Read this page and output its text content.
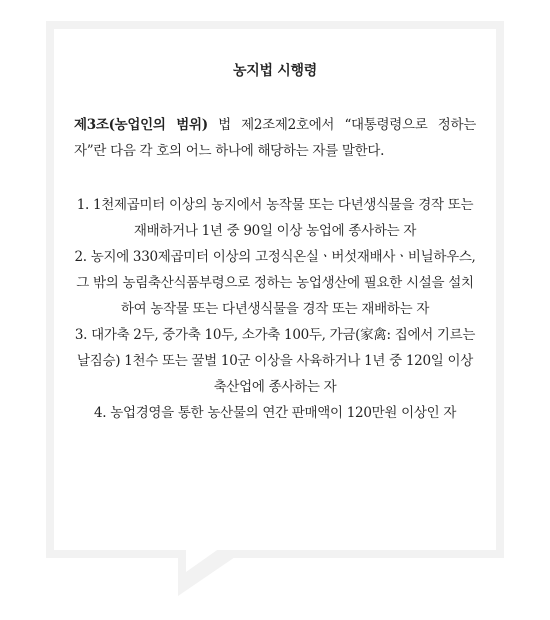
농지법 시행령

제3조(농업인의 범위) 법 제2조제2호에서 “대통령령으로 정하는 자”란 다음 각 호의 어느 하나에 해당하는 자를 말한다.

1. 1천제곱미터 이상의 농지에서 농작물 또는 다년생식물을 경작 또는 재배하거나 1년 중 90일 이상 농업에 종사하는 자
2. 농지에 330제곱미터 이상의 고정식온실ㆍ버섯재배사ㆍ비닐하우스, 그 밖의 농림축산식품부령으로 정하는 농업생산에 필요한 시설을 설치하여 농작물 또는 다년생식물을 경작 또는 재배하는 자
3. 대가축 2두, 중가축 10두, 소가축 100두, 가금(家禽: 집에서 기르는 날짐승) 1천수 또는 꿀벌 10군 이상을 사육하거나 1년 중 120일 이상 축산업에 종사하는 자
4. 농업경영을 통한 농산물의 연간 판매액이 120만원 이상인 자
